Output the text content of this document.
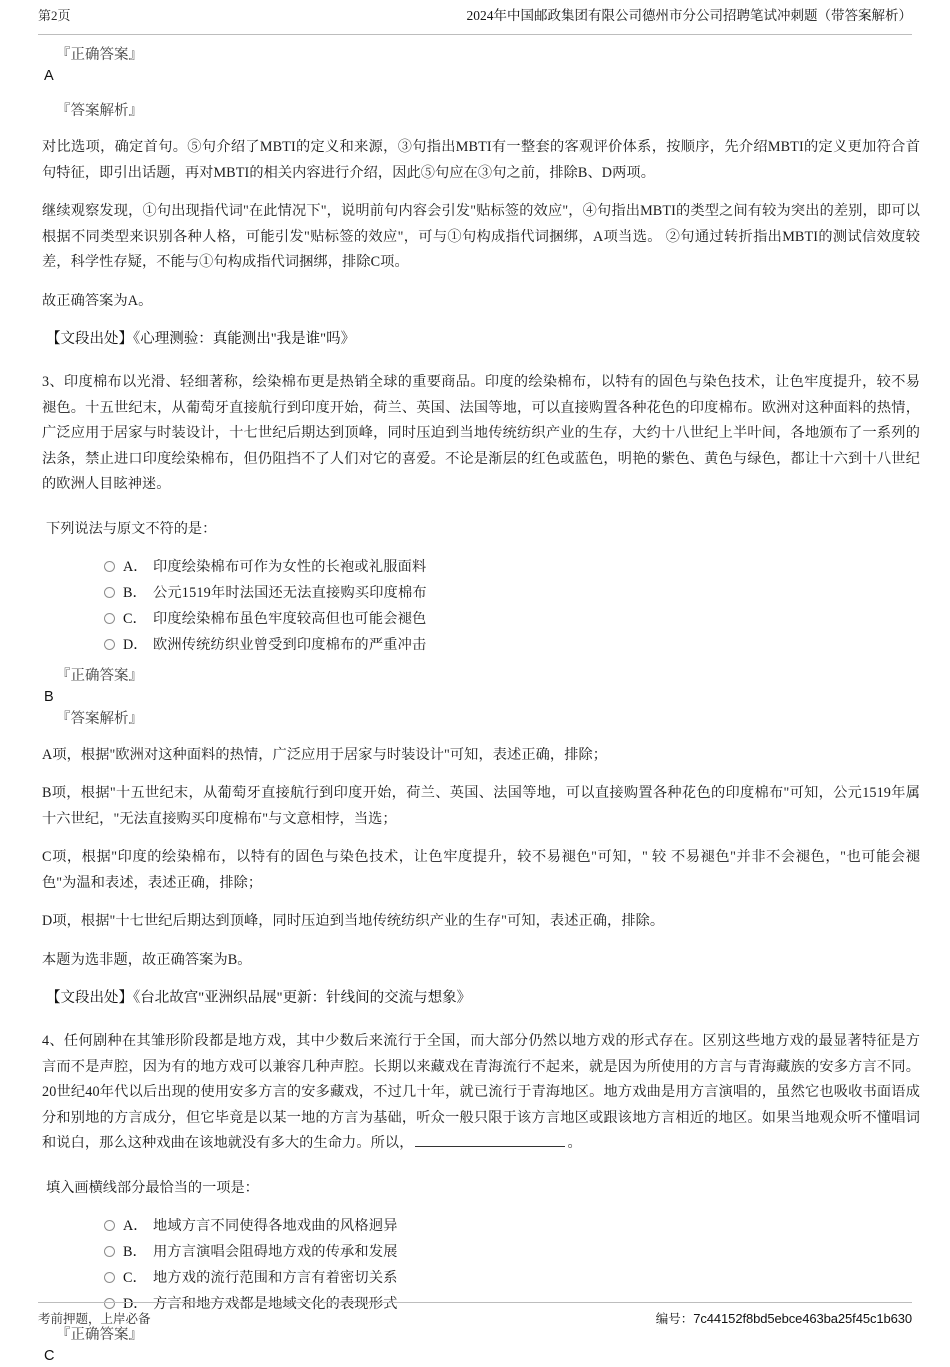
第2页	2024年中国邮政集团有限公司德州市分公司招聘笔试冲刺题（带答案解析）
『正确答案』
A
『答案解析』

对比选项，确定首句。⑤句介绍了MBTI的定义和来源，③句指出MBTI有一整套的客观评价体系，按顺序，先介绍MBTI的定义更加符合首句特征，即引出话题，再对MBTI的相关内容进行介绍，因此⑤句应在③句之前，排除B、D两项。

继续观察发现，①句出现指代词"在此情况下"，说明前句内容会引发"贴标签的效应"，④句指出MBTI的类型之间有较为突出的差别，即可以根据不同类型来识别各种人格，可能引发"贴标签的效应"，可与①句构成指代词捆绑，A项当选。 ②句通过转折指出MBTI的测试信效度较差，科学性存疑，不能与①句构成指代词捆绑，排除C项。

故正确答案为A。

【文段出处】《心理测验：真能测出"我是谁"吗》

3、印度棉布以光滑、轻细著称，绘染棉布更是热销全球的重要商品。印度的绘染棉布，以特有的固色与染色技术，让色牢度提升，较不易褪色。十五世纪末，从葡萄牙直接航行到印度开始，荷兰、英国、法国等地，可以直接购置各种花色的印度棉布。欧洲对这种面料的热情，广泛应用于居家与时装设计，十七世纪后期达到顶峰，同时压迫到当地传统纺织产业的生存，大约十八世纪上半叶间，各地颁布了一系列的法条，禁止进口印度绘染棉布，但仍阻挡不了人们对它的喜爱。不论是渐层的红色或蓝色，明艳的紫色、黄色与绿色，都让十六到十八世纪的欧洲人目眩神迷。

下列说法与原文不符的是：
A． 印度绘染棉布可作为女性的长袍或礼服面料
B． 公元1519年时法国还无法直接购买印度棉布
C． 印度绘染棉布虽色牢度较高但也可能会褪色
D． 欧洲传统纺织业曾受到印度棉布的严重冲击
『正确答案』
B
『答案解析』

A项，根据"欧洲对这种面料的热情，广泛应用于居家与时装设计"可知，表述正确，排除；

B项，根据"十五世纪末，从葡萄牙直接航行到印度开始，荷兰、英国、法国等地，可以直接购置各种花色的印度棉布"可知，公元1519年属十六世纪，"无法直接购买印度棉布"与文意相悖，当选；

C项，根据"印度的绘染棉布，以特有的固色与染色技术，让色牢度提升，较不易褪色"可知，" 较 不易褪色"并非不会褪色，"也可能会褪色"为温和表述，表述正确，排除；

D项，根据"十七世纪后期达到顶峰，同时压迫到当地传统纺织产业的生存"可知，表述正确，排除。

本题为选非题，故正确答案为B。

【文段出处】《台北故宫"亚洲织品展"更新：针线间的交流与想象》

4、任何剧种在其雏形阶段都是地方戏，其中少数后来流行于全国，而大部分仍然以地方戏的形式存在。区别这些地方戏的最显著特征是方言而不是声腔，因为有的地方戏可以兼容几种声腔。长期以来藏戏在青海流行不起来，就是因为所使用的方言与青海藏族的安多方言不同。20世纪40年代以后出现的使用安多方言的安多藏戏，不过几十年，就已流行于青海地区。地方戏曲是用方言演唱的，虽然它也吸收书面语成分和别地的方言成分，但它毕竟是以某一地的方言为基础，听众一般只限于该方言地区或跟该地方言相近的地区。如果当地观众听不懂唱词和说白，那么这种戏曲在该地就没有多大的生命力。所以，	。

填入画横线部分最恰当的一项是：
A． 地域方言不同使得各地戏曲的风格迥异
B． 用方言演唱会阻碍地方戏的传承和发展
C． 地方戏的流行范围和方言有着密切关系
D． 方言和地方戏都是地域文化的表现形式
『正确答案』
C
考前押题，上岸必备	编号：7c44152f8bd5ebce463ba25f45c1b630
